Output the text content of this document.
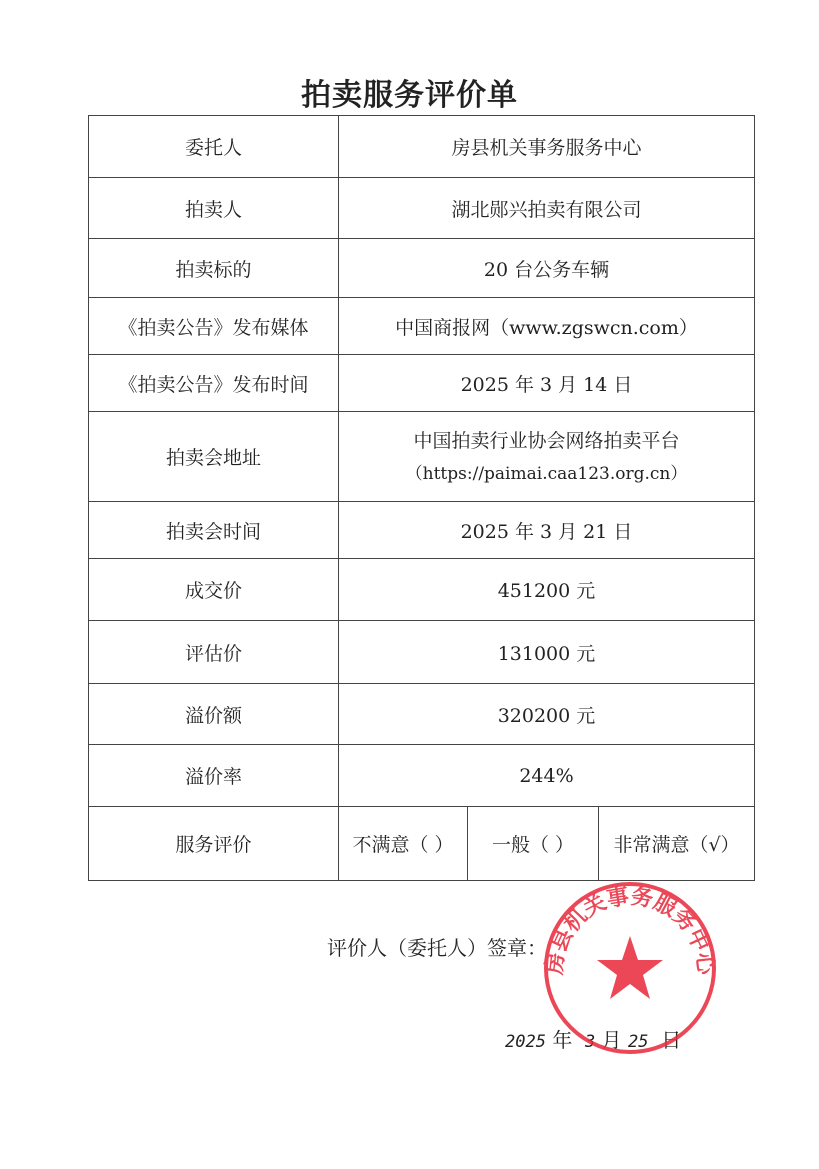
拍卖服务评价单
委托人	房县机关事务服务中心		
拍卖人	湖北郧兴拍卖有限公司		
拍卖标的	20 台公务车辆		
《拍卖公告》发布媒体	中国商报网（www.zgswcn.com）		
《拍卖公告》发布时间	2025 年 3 月 14 日		
拍卖会地址	中国拍卖行业协会网络拍卖平台
（https://paimai.caa123.org.cn）		

拍卖会时间	2025 年 3 月 21 日		
成交价	451200 元		
评估价	131000 元		
溢价额	320200 元		
溢价率	244%		
服务评价	不满意（ ）	一般（ ）	非常满意（√）
评价人（委托人）签章：
2025 年 3 月 25 日
房县机关事务服务中心
